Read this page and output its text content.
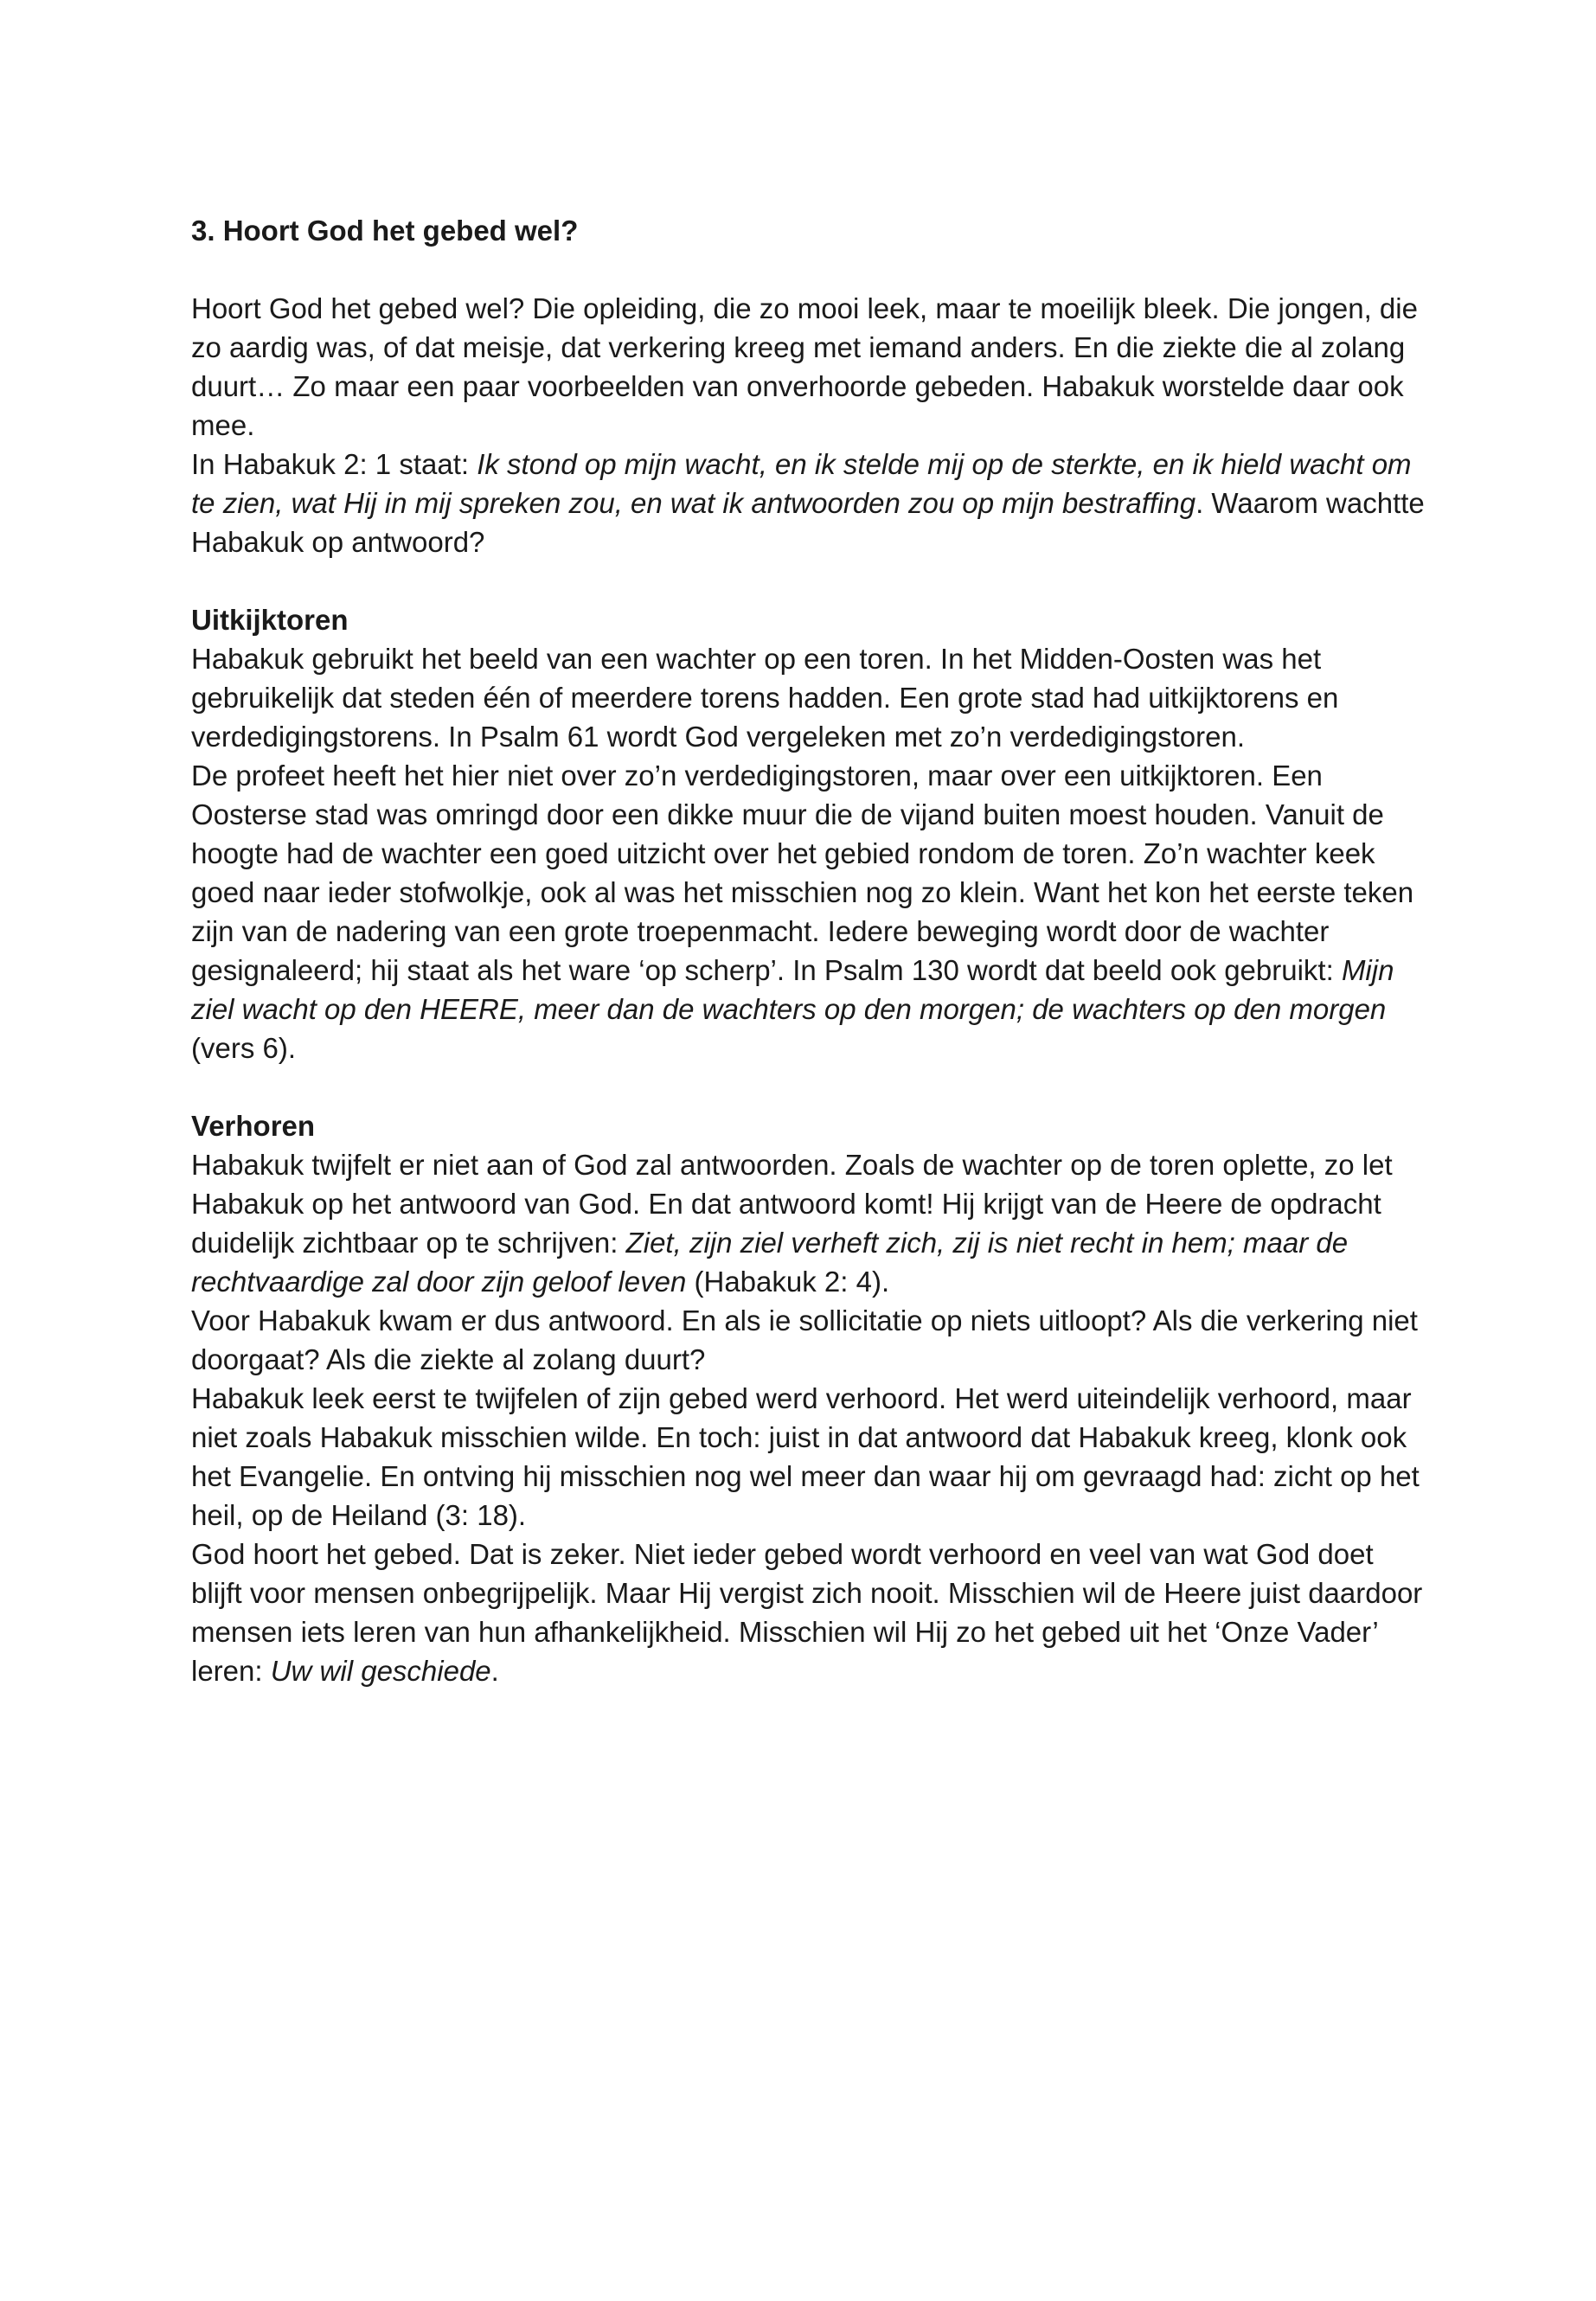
3. Hoort God het gebed wel?

Hoort God het gebed wel? Die opleiding, die zo mooi leek, maar te moeilijk bleek. Die jongen, die zo aardig was, of dat meisje, dat verkering kreeg met iemand anders. En die ziekte die al zolang duurt… Zo maar een paar voorbeelden van onverhoorde gebeden. Habakuk worstelde daar ook mee.

In Habakuk 2: 1 staat: Ik stond op mijn wacht, en ik stelde mij op de sterkte, en ik hield wacht om te zien, wat Hij in mij spreken zou, en wat ik antwoorden zou op mijn bestraffing. Waarom wachtte Habakuk op antwoord?

Uitkijktoren

Habakuk gebruikt het beeld van een wachter op een toren. In het Midden-Oosten was het gebruikelijk dat steden één of meerdere torens hadden. Een grote stad had uitkijktorens en verdedigingstorens. In Psalm 61 wordt God vergeleken met zo’n verdedigingstoren.

De profeet heeft het hier niet over zo’n verdedigingstoren, maar over een uitkijktoren. Een Oosterse stad was omringd door een dikke muur die de vijand buiten moest houden. Vanuit de hoogte had de wachter een goed uitzicht over het gebied rondom de toren. Zo’n wachter keek goed naar ieder stofwolkje, ook al was het misschien nog zo klein. Want het kon het eerste teken zijn van de nadering van een grote troepenmacht. Iedere beweging wordt door de wachter gesignaleerd; hij staat als het ware ‘op scherp’. In Psalm 130 wordt dat beeld ook gebruikt: Mijn ziel wacht op den HEERE, meer dan de wachters op den morgen; de wachters op den morgen (vers 6).

Verhoren

Habakuk twijfelt er niet aan of God zal antwoorden. Zoals de wachter op de toren oplette, zo let Habakuk op het antwoord van God. En dat antwoord komt! Hij krijgt van de Heere de opdracht duidelijk zichtbaar op te schrijven: Ziet, zijn ziel verheft zich, zij is niet recht in hem; maar de rechtvaardige zal door zijn geloof leven (Habakuk 2: 4).

Voor Habakuk kwam er dus antwoord. En als ie sollicitatie op niets uitloopt? Als die verkering niet doorgaat? Als die ziekte al zolang duurt?

Habakuk leek eerst te twijfelen of zijn gebed werd verhoord. Het werd uiteindelijk verhoord, maar niet zoals Habakuk misschien wilde. En toch: juist in dat antwoord dat Habakuk kreeg, klonk ook het Evangelie. En ontving hij misschien nog wel meer dan waar hij om gevraagd had: zicht op het heil, op de Heiland (3: 18).

God hoort het gebed. Dat is zeker. Niet ieder gebed wordt verhoord en veel van wat God doet blijft voor mensen onbegrijpelijk. Maar Hij vergist zich nooit. Misschien wil de Heere juist daardoor mensen iets leren van hun afhankelijkheid. Misschien wil Hij zo het gebed uit het ‘Onze Vader’ leren: Uw wil geschiede.
